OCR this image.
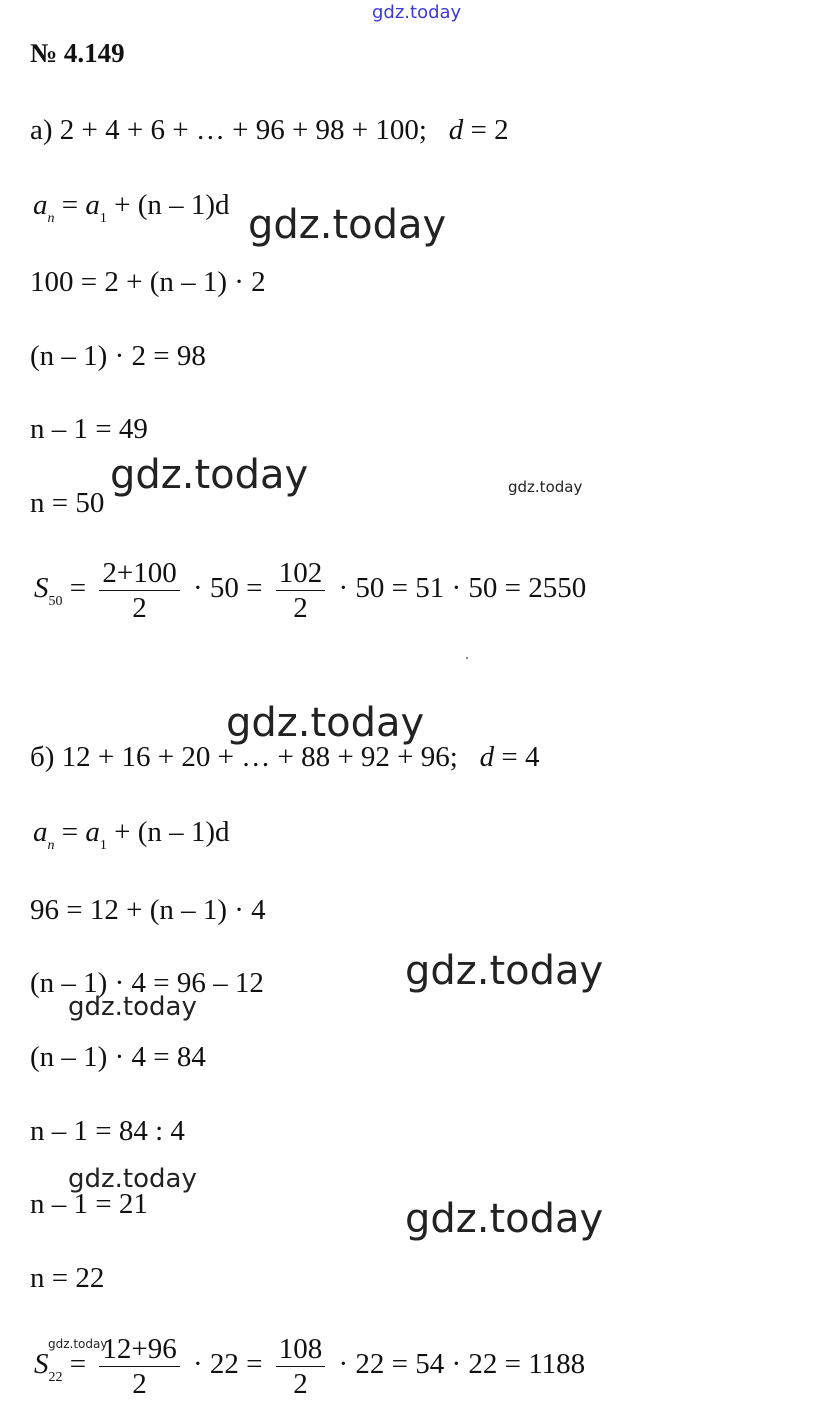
gdz.today
gdz.today
gdz.today	gdz.today
gdz.today
gdz.today
gdz.today
gdz.today
gdz.today
gdz.today
№ 4.149
а) 2 + 4 + 6 + … + 96 + 98 + 100; d = 2
$a_n = a_1 + (n - 1)d$
100 = 2 + (n – 1) · 2
(n – 1) · 2 = 98
n – 1 = 49
n = 50
$S_{50} = \frac{2+100}{2} \cdot 50 = \frac{102}{2} \cdot 50 = 51 \cdot 50 = 2550$
б) 12 + 16 + 20 + … + 88 + 92 + 96; d = 4
$a_n = a_1 + (n - 1)d$
96 = 12 + (n – 1) · 4
(n – 1) · 4 = 96 – 12
(n – 1) · 4 = 84
n – 1 = 84 : 4
n – 1 = 21
n = 22
$S_{22} = \frac{12+96}{2} \cdot 22 = \frac{108}{2} \cdot 22 = 54 \cdot 22 = 1188$
